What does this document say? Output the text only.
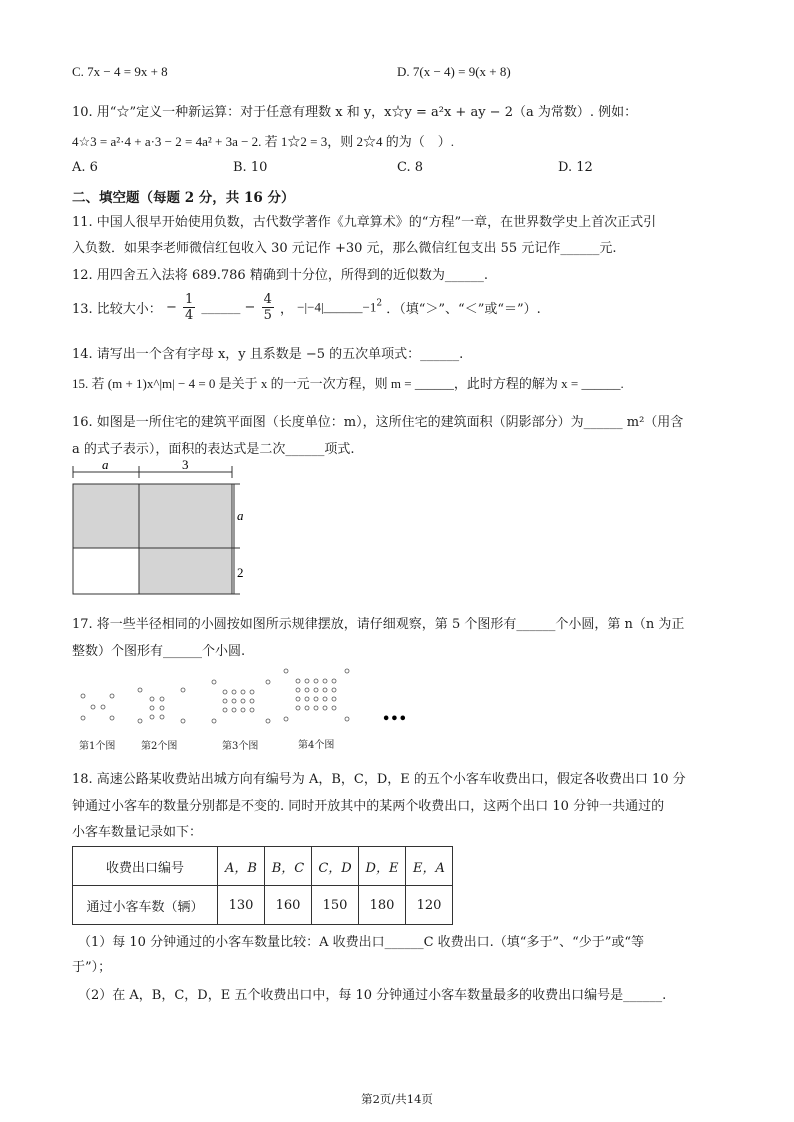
C. 7x − 4 = 9x + 8	D. 7(x − 4) = 9(x + 8)
10. 用“☆”定义一种新运算：对于任意有理数 x 和 y，x☆y = a²x + ay − 2（a 为常数）. 例如：
4☆3 = a²·4 + a·3 − 2 = 4a² + 3a − 2. 若 1☆2 = 3，则 2☆4 的为（　）.
A. 6	B. 10	C. 8	D. 12
二、填空题（每题 2 分，共 16 分）
11. 中国人很早开始使用负数，古代数学著作《九章算术》的“方程”一章，在世界数学史上首次正式引
入负数．如果李老师微信红包收入 30 元记作 +30 元，那么微信红包支出 55 元记作______元.
12. 用四舍五入法将 689.786 精确到十分位，所得到的近似数为______.
13. 比较大小： − $\frac{1}{4}$ ______ − $\frac{4}{5}$ ， $-|-4|\_\_\_\_\_\_-1^2$ ．（填“＞”、“＜”或“＝”）.
14. 请写出一个含有字母 x，y 且系数是 −5 的五次单项式：______.
15. 若 (m + 1)x^|m| − 4 = 0 是关于 x 的一元一次方程，则 m = ______，此时方程的解为 x = ______.
16. 如图是一所住宅的建筑平面图（长度单位：m），这所住宅的建筑面积（阴影部分）为______ m²（用含
a 的式子表示），面积的表达式是二次______项式.
a	3
a
2
17. 将一些半径相同的小圆按如图所示规律摆放，请仔细观察，第 5 个图形有______个小圆，第 n（n 为正
整数）个图形有______个小圆.
•••
第1个图	第2个图	第3个图	第4个图
18. 高速公路某收费站出城方向有编号为 A，B，C，D，E 的五个小客车收费出口，假定各收费出口 10 分
钟通过小客车的数量分别都是不变的. 同时开放其中的某两个收费出口，这两个出口 10 分钟一共通过的
小客车数量记录如下：
收费出口编号	A，B	B，C	C，D	D，E	E，A
通过小客车数（辆）	130	160	150	180	120
（1）每 10 分钟通过的小客车数量比较：A 收费出口______C 收费出口.（填“多于”、“少于”或“等
于”）；
（2）在 A，B，C，D，E 五个收费出口中，每 10 分钟通过小客车数量最多的收费出口编号是______.
第2页/共14页
